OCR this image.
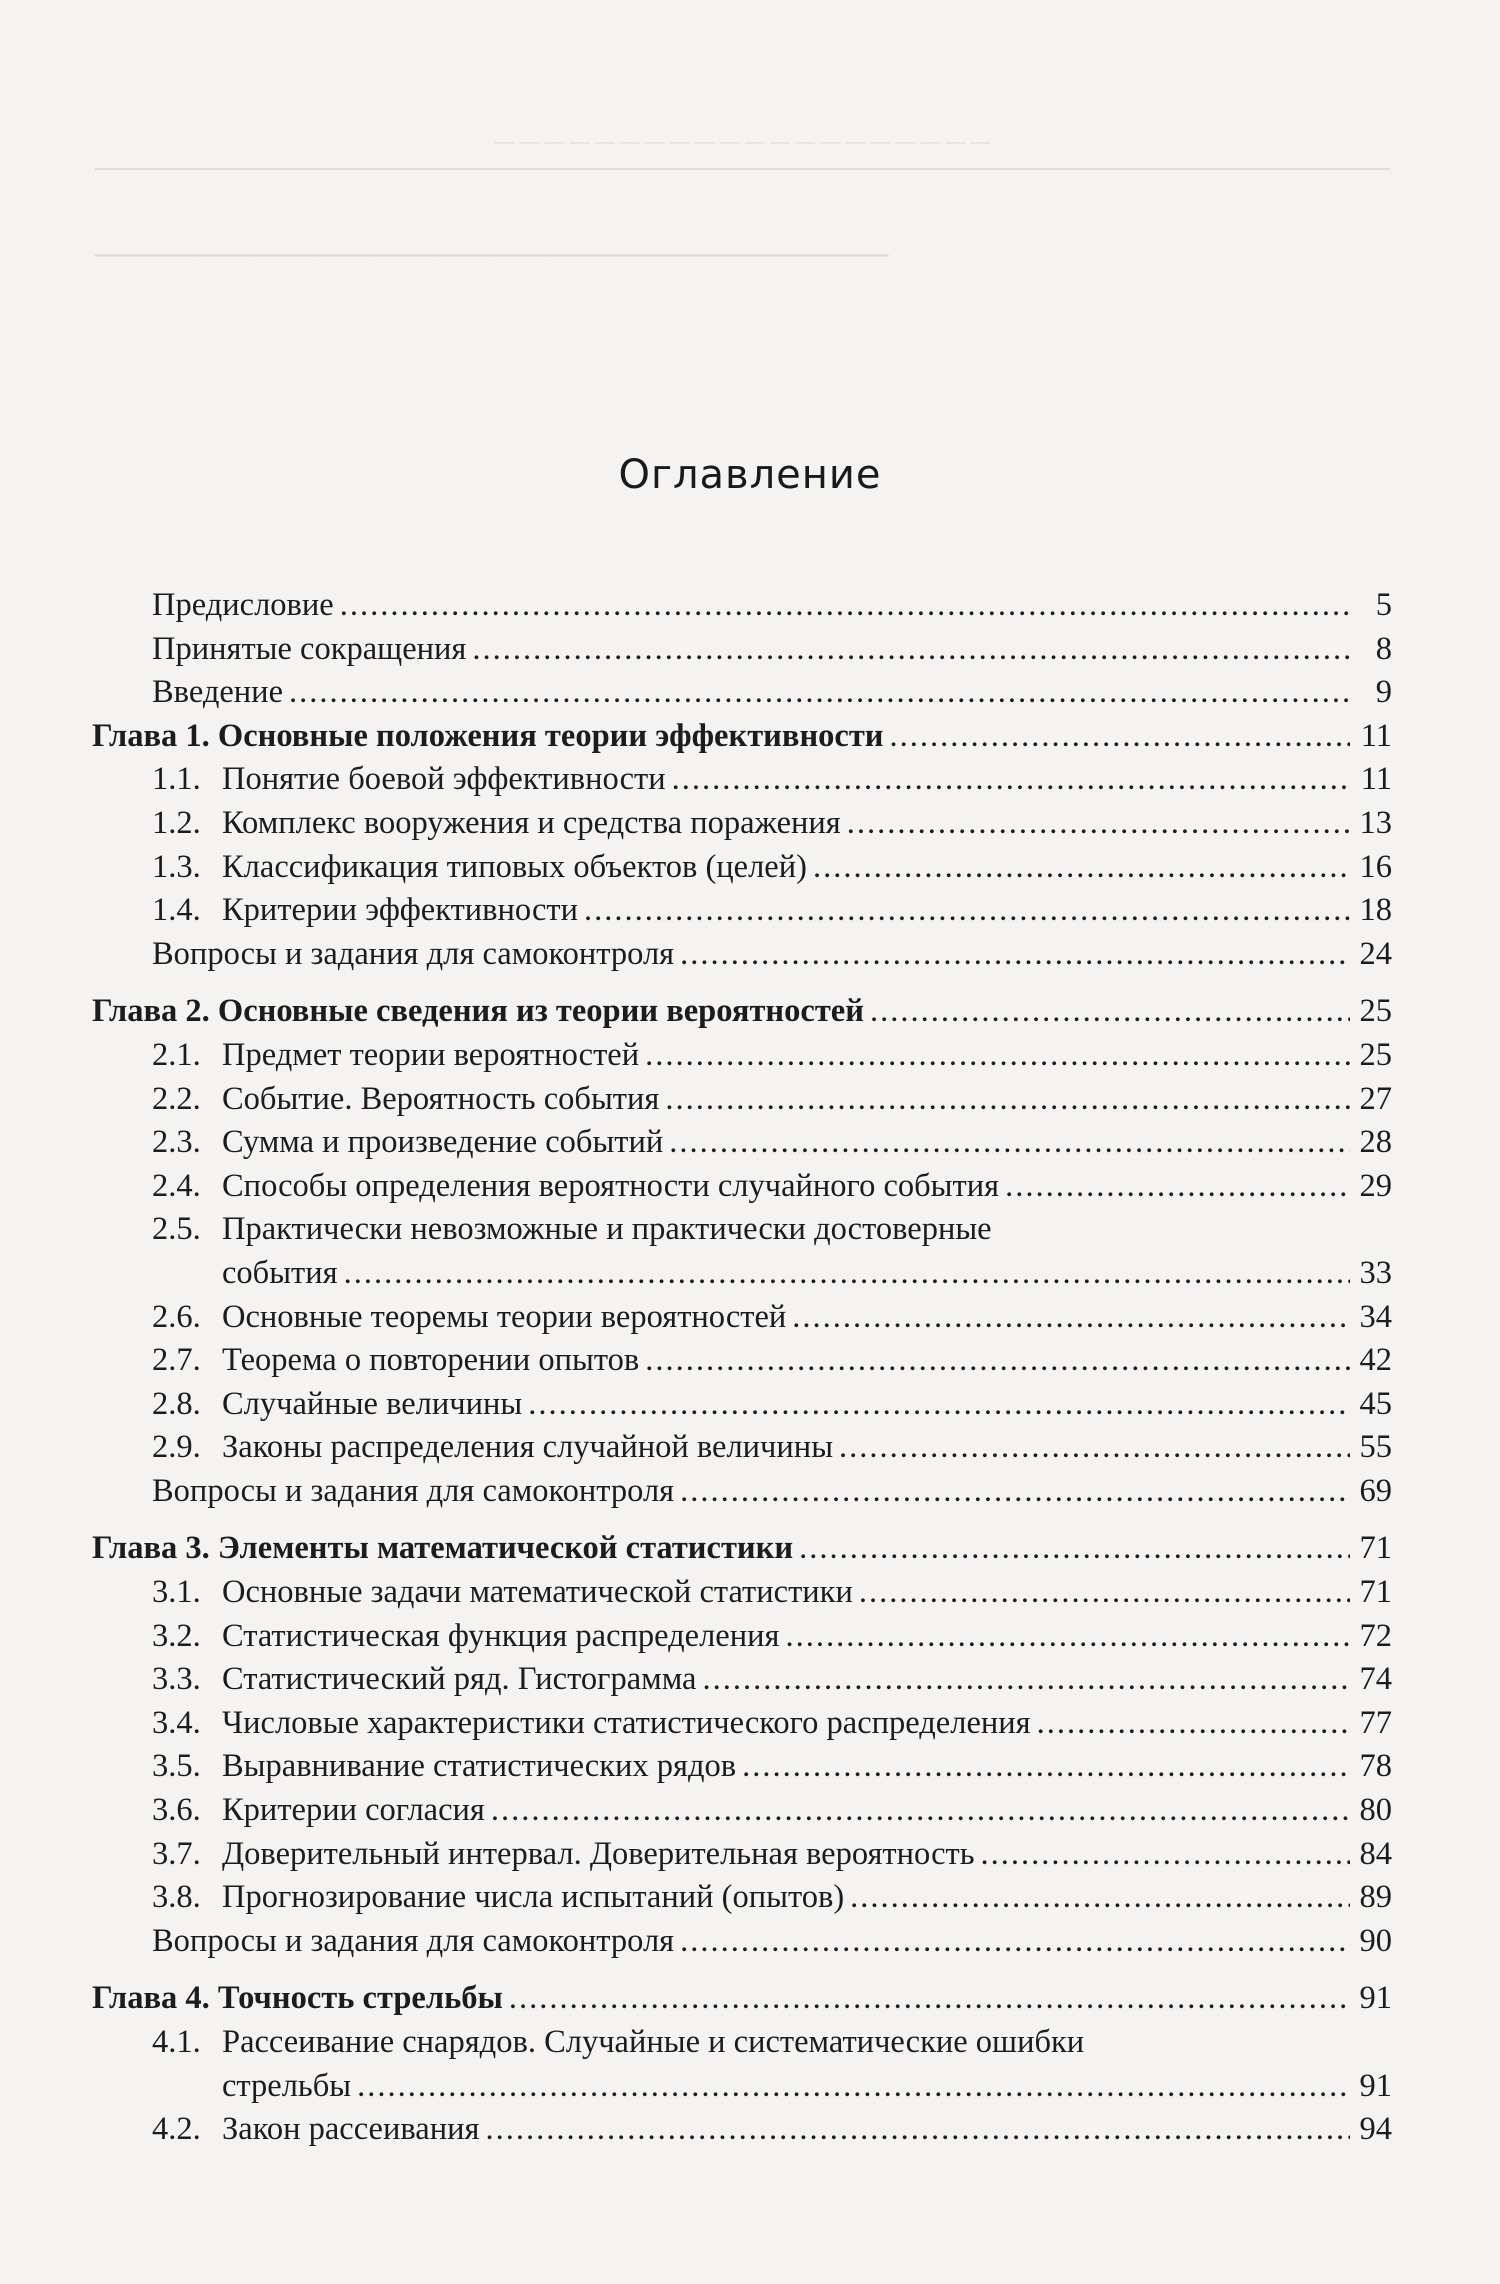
— — — — — — — — — — — — — — — — — — — —
​────────────────────────────────────────
Оглавление
Предисловие .....	5
Принятые сокращения .....	8
Введение .....	9
Глава 1. Основные положения теории эффективности .....	11
1.1. Понятие боевой эффективности .....	11
1.2. Комплекс вооружения и средства поражения .....	13
1.3. Классификация типовых объектов (целей) .....	16
1.4. Критерии эффективности .....	18
Вопросы и задания для самоконтроля .....	24
Глава 2. Основные сведения из теории вероятностей .....	25
2.1. Предмет теории вероятностей .....	25
2.2. Событие. Вероятность события .....	27
2.3. Сумма и произведение событий .....	28
2.4. Способы определения вероятности случайного события .....	29
2.5. Практически невозможные и практически достоверные
события .....	33
2.6. Основные теоремы теории вероятностей .....	34
2.7. Теорема о повторении опытов .....	42
2.8. Случайные величины .....	45
2.9. Законы распределения случайной величины .....	55
Вопросы и задания для самоконтроля .....	69
Глава 3. Элементы математической статистики .....	71
3.1. Основные задачи математической статистики .....	71
3.2. Статистическая функция распределения .....	72
3.3. Статистический ряд. Гистограмма .....	74
3.4. Числовые характеристики статистического распределения .....	77
3.5. Выравнивание статистических рядов .....	78
3.6. Критерии согласия .....	80
3.7. Доверительный интервал. Доверительная вероятность .....	84
3.8. Прогнозирование числа испытаний (опытов) .....	89
Вопросы и задания для самоконтроля .....	90
Глава 4. Точность стрельбы .....	91
4.1. Рассеивание снарядов. Случайные и систематические ошибки
стрельбы .....	91
4.2. Закон рассеивания .....	94
